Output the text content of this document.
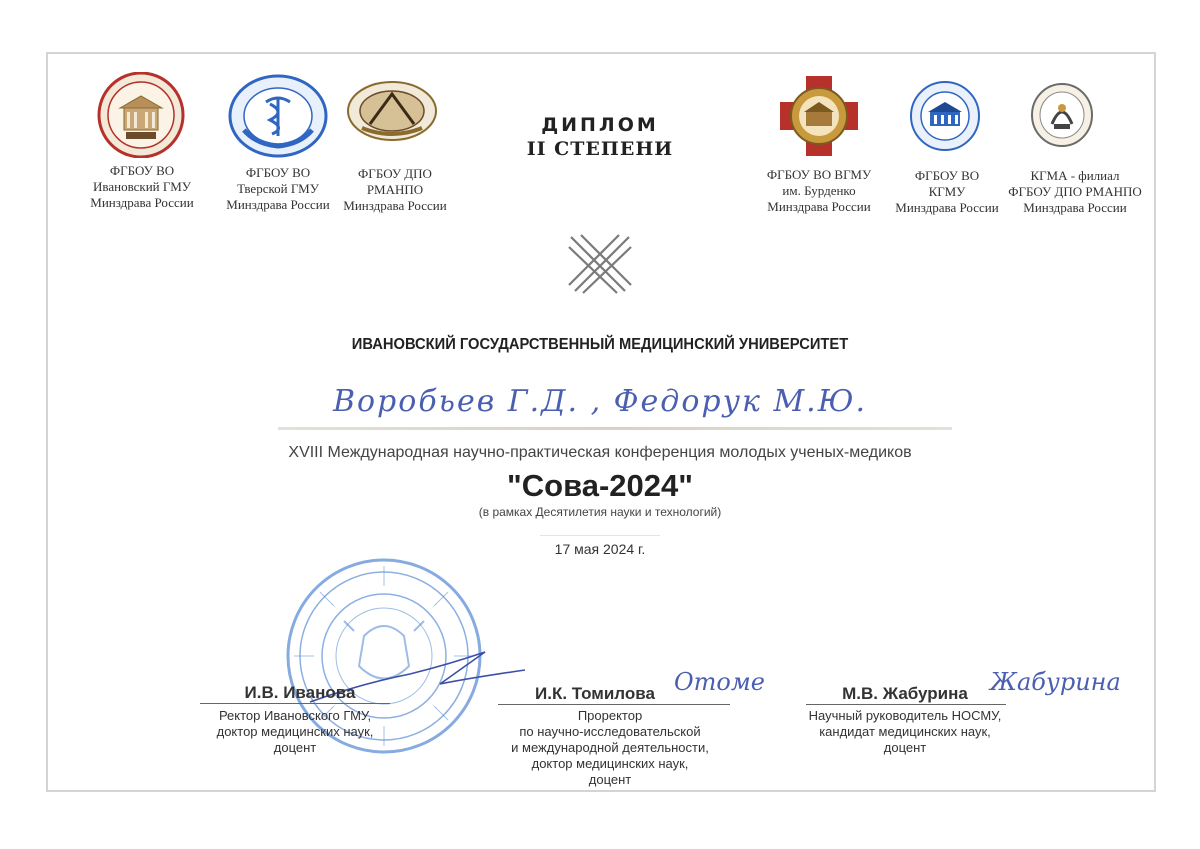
ФГБОУ ВО
Ивановский ГМУ
Минздрава России
ФГБОУ ВО
Тверской ГМУ
Минздрава России
ФГБОУ ДПО
РМАНПО
Минздрава России
ДИПЛОМ
II СТЕПЕНИ
ФГБОУ ВО ВГМУ
им. Бурденко
Минздрава России
ФГБОУ ВО
КГМУ
Минздрава России
КГМА - филиал
ФГБОУ ДПО РМАНПО
Минздрава России
ИВАНОВСКИЙ ГОСУДАРСТВЕННЫЙ МЕДИЦИНСКИЙ УНИВЕРСИТЕТ
Воробьев Г.Д. , Федорук М.Ю.
XVIII Международная научно-практическая конференция молодых ученых-медиков
"Сова-2024"
(в рамках Десятилетия науки и технологий)
17 мая 2024 г.
И.В. Иванова
Ректор Ивановского ГМУ,
доктор медицинских наук,
доцент
И.К. Томилова Отоме
Проректор
по научно-исследовательской
и международной деятельности,
доктор медицинских наук,
доцент
М.В. Жабурина Жабурина
Научный руководитель НОСМУ,
кандидат медицинских наук,
доцент
